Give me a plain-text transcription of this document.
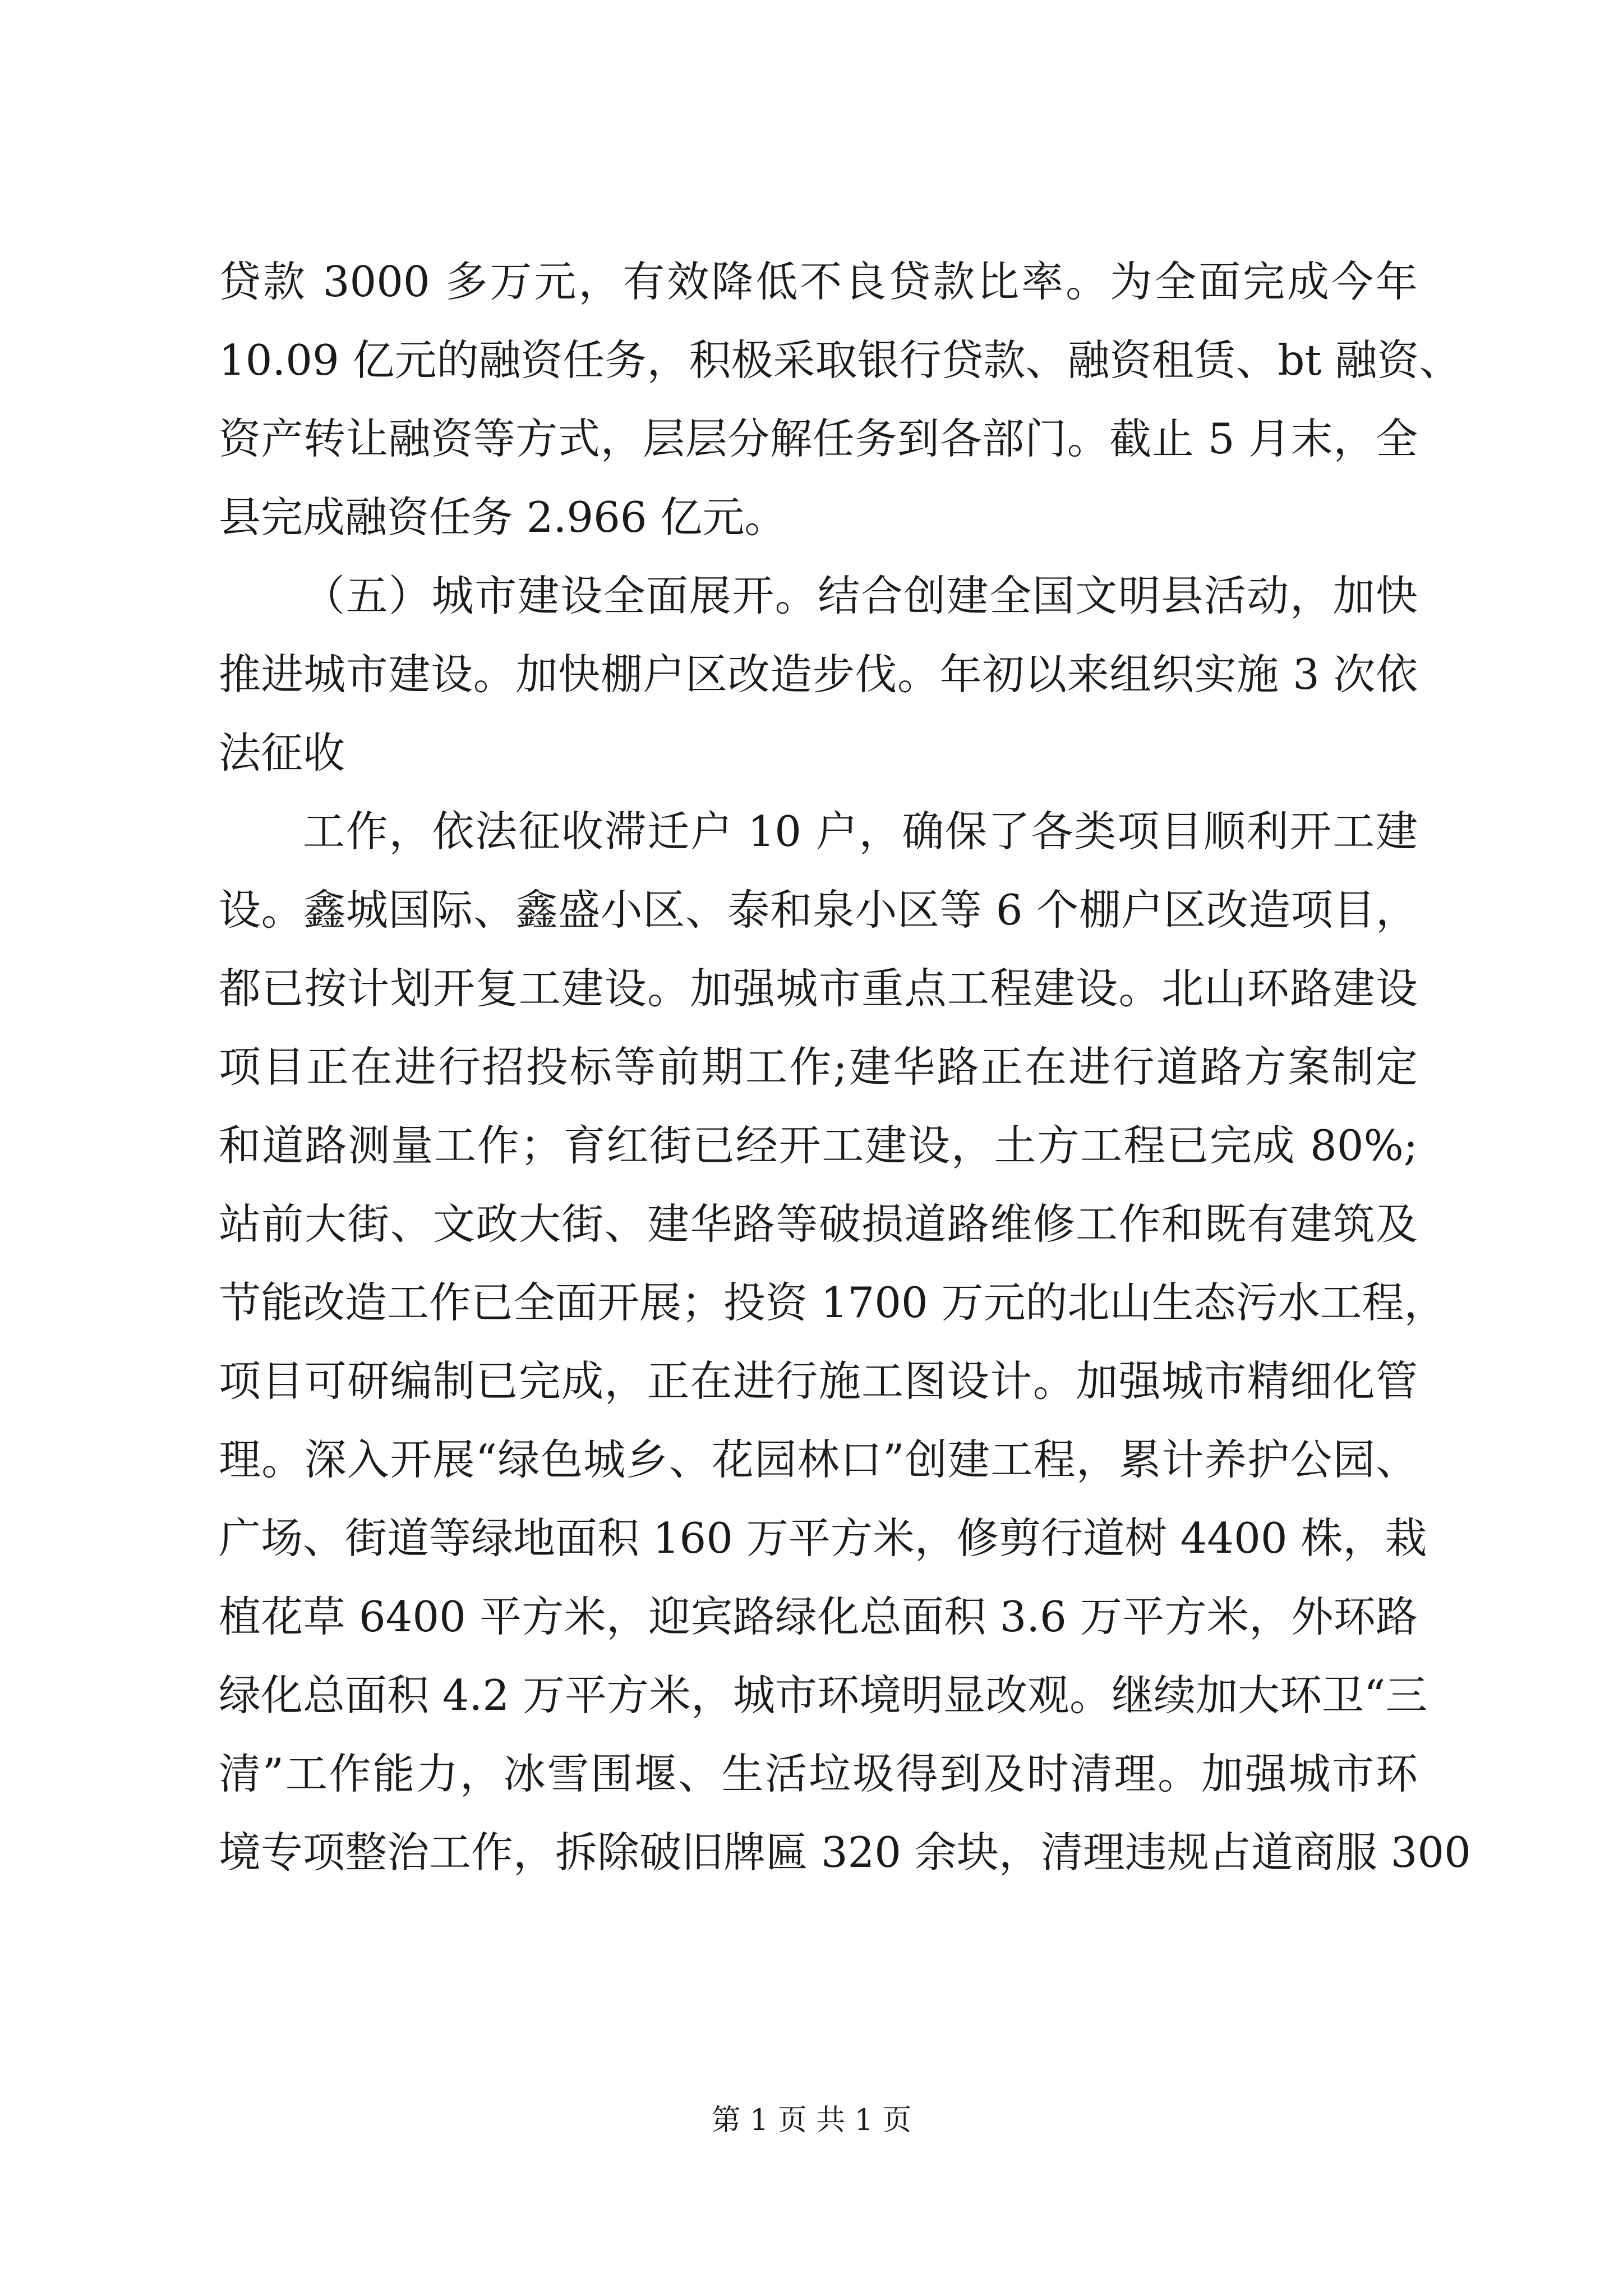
贷款 3000 多万元，有效降低不良贷款比率。为全面完成今年
10.09 亿元的融资任务，积极采取银行贷款、融资租赁、bt 融资、
资产转让融资等方式，层层分解任务到各部门。截止 5 月末，全
县完成融资任务 2.966 亿元。
（五）城市建设全面展开。结合创建全国文明县活动，加快
推进城市建设。加快棚户区改造步伐。年初以来组织实施 3 次依
法征收
工作，依法征收滞迁户 10 户，确保了各类项目顺利开工建
设。鑫城国际、鑫盛小区、泰和泉小区等 6 个棚户区改造项目，
都已按计划开复工建设。加强城市重点工程建设。北山环路建设
项目正在进行招投标等前期工作;建华路正在进行道路方案制定
和道路测量工作；育红街已经开工建设，土方工程已完成 80%;
站前大街、文政大街、建华路等破损道路维修工作和既有建筑及
节能改造工作已全面开展；投资 1700 万元的北山生态污水工程，
项目可研编制已完成，正在进行施工图设计。加强城市精细化管
理。深入开展“绿色城乡、花园林口”创建工程，累计养护公园、
广场、街道等绿地面积 160 万平方米，修剪行道树 4400 株，栽
植花草 6400 平方米，迎宾路绿化总面积 3.6 万平方米，外环路
绿化总面积 4.2 万平方米，城市环境明显改观。继续加大环卫“三
清”工作能力，冰雪围堰、生活垃圾得到及时清理。加强城市环
境专项整治工作，拆除破旧牌匾 320 余块，清理违规占道商服 300
第 1 页 共 1 页
